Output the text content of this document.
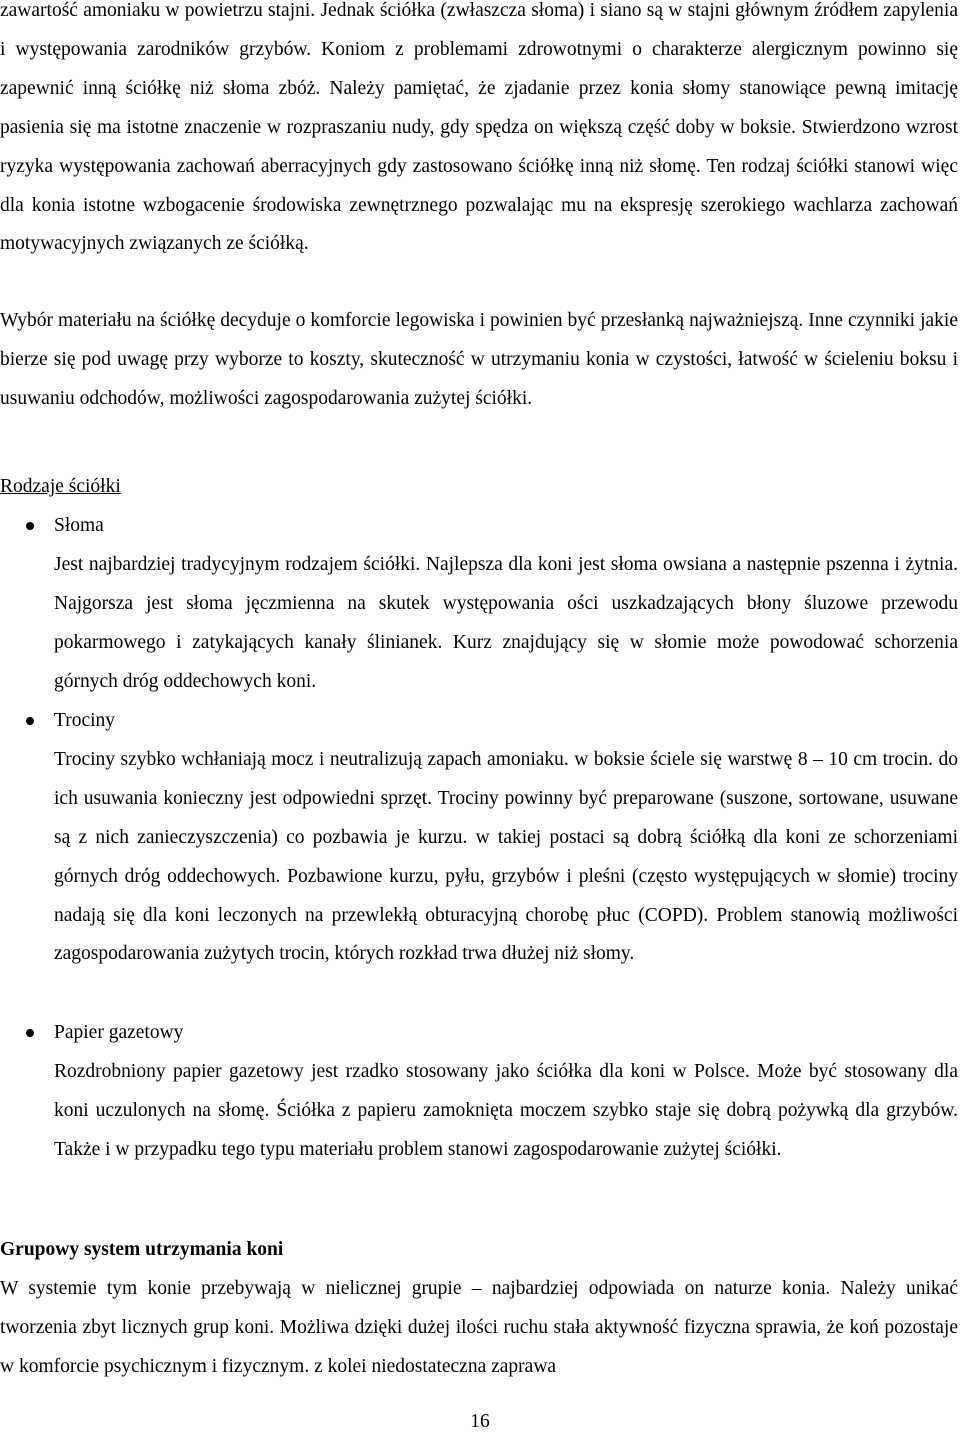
zawartość amoniaku w powietrzu stajni. Jednak ściółka (zwłaszcza słoma) i siano są w stajni głównym źródłem zapylenia i występowania zarodników grzybów. Koniom z problemami zdrowotnymi o charakterze alergicznym powinno się zapewnić inną ściółkę niż słoma zbóż. Należy pamiętać, że zjadanie przez konia słomy stanowiące pewną imitację pasienia się ma istotne znaczenie w rozpraszaniu nudy, gdy spędza on większą część doby w boksie. Stwierdzono wzrost ryzyka występowania zachowań aberracyjnych gdy zastosowano ściółkę inną niż słomę. Ten rodzaj ściółki stanowi więc dla konia istotne wzbogacenie środowiska zewnętrznego pozwalając mu na ekspresję szerokiego wachlarza zachowań motywacyjnych związanych ze ściółką.

Wybór materiału na ściółkę decyduje o komforcie legowiska i powinien być przesłanką najważniejszą. Inne czynniki jakie bierze się pod uwagę przy wyborze to koszty, skuteczność w utrzymaniu konia w czystości, łatwość w ścieleniu boksu i usuwaniu odchodów, możliwości zagospodarowania zużytej ściółki.

Rodzaje ściółki
Słoma

Jest najbardziej tradycyjnym rodzajem ściółki. Najlepsza dla koni jest słoma owsiana a następnie pszenna i żytnia. Najgorsza jest słoma jęczmienna na skutek występowania ości uszkadzających błony śluzowe przewodu pokarmowego i zatykających kanały ślinianek. Kurz znajdujący się w słomie może powodować schorzenia górnych dróg oddechowych koni.

Trociny

Trociny szybko wchłaniają mocz i neutralizują zapach amoniaku. w boksie ściele się warstwę 8 – 10 cm trocin. do ich usuwania konieczny jest odpowiedni sprzęt. Trociny powinny być preparowane (suszone, sortowane, usuwane są z nich zanieczyszczenia) co pozbawia je kurzu. w takiej postaci są dobrą ściółką dla koni ze schorzeniami górnych dróg oddechowych. Pozbawione kurzu, pyłu, grzybów i pleśni (często występujących w słomie) trociny nadają się dla koni leczonych na przewlekłą obturacyjną chorobę płuc (COPD). Problem stanowią możliwości zagospodarowania zużytych trocin, których rozkład trwa dłużej niż słomy.

Papier gazetowy

Rozdrobniony papier gazetowy jest rzadko stosowany jako ściółka dla koni w Polsce. Może być stosowany dla koni uczulonych na słomę. Ściółka z papieru zamoknięta moczem szybko staje się dobrą pożywką dla grzybów. Także i w przypadku tego typu materiału problem stanowi zagospodarowanie zużytej ściółki.

Grupowy system utrzymania koni

W systemie tym konie przebywają w nielicznej grupie – najbardziej odpowiada on naturze konia. Należy unikać tworzenia zbyt licznych grup koni. Możliwa dzięki dużej ilości ruchu stała aktywność fizyczna sprawia, że koń pozostaje w komforcie psychicznym i fizycznym. z kolei niedostateczna zaprawa

16
